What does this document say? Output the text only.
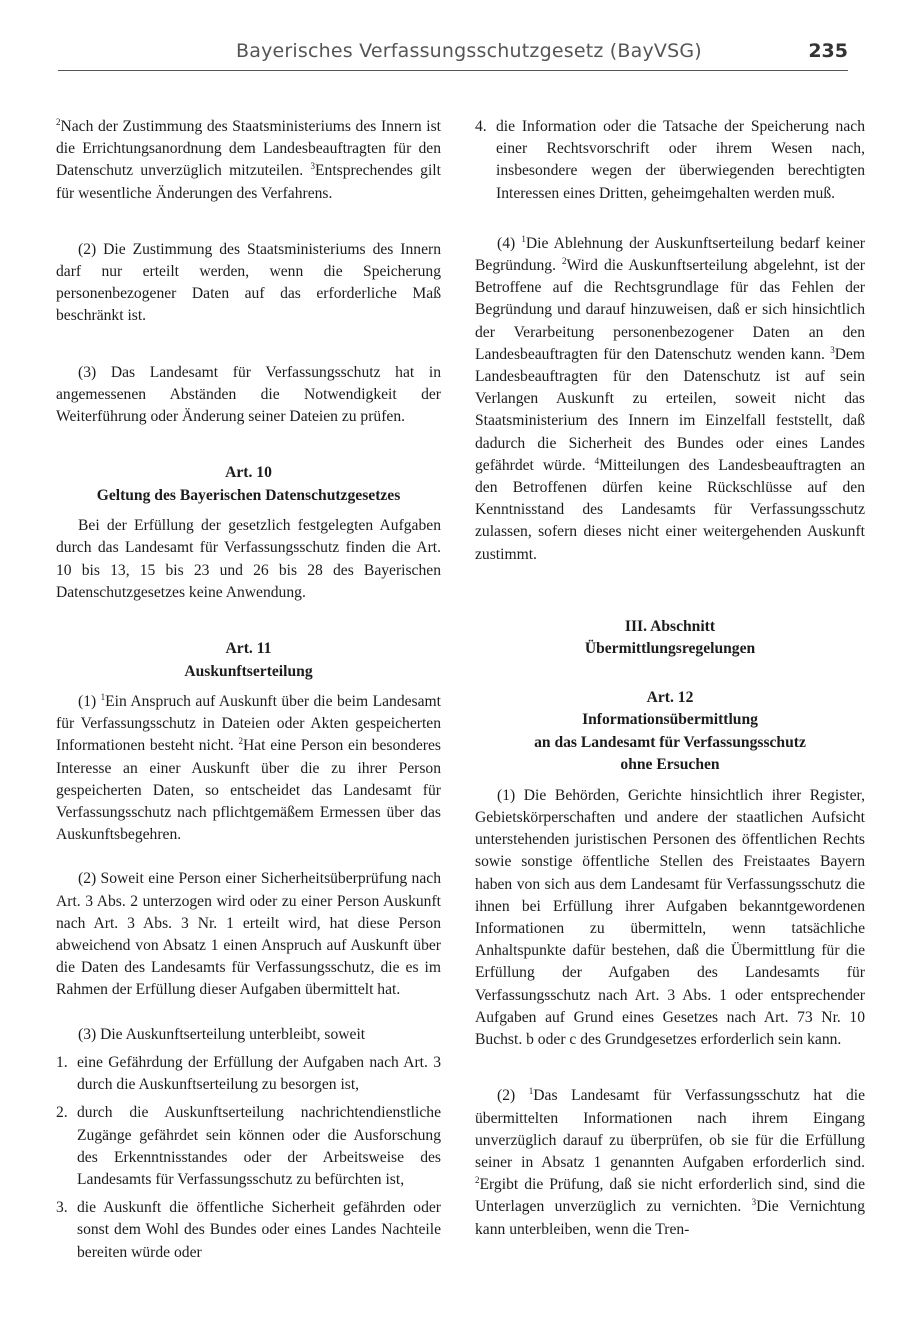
Bayerisches Verfassungsschutzgesetz (BayVSG)	235

$^2$Nach der Zustimmung des Staatsministeriums des Innern ist die Errichtungsanordnung dem Landesbeauftragten für den Datenschutz unverzüglich mitzuteilen. $^3$Entsprechendes gilt für wesentliche Änderungen des Verfahrens.

(2) Die Zustimmung des Staatsministeriums des Innern darf nur erteilt werden, wenn die Speicherung personenbezogener Daten auf das erforderliche Maß beschränkt ist.

(3) Das Landesamt für Verfassungsschutz hat in angemessenen Abständen die Notwendigkeit der Weiterführung oder Änderung seiner Dateien zu prüfen.

Art. 10

Geltung des Bayerischen Datenschutzgesetzes

Bei der Erfüllung der gesetzlich festgelegten Aufgaben durch das Landesamt für Verfassungsschutz finden die Art. 10 bis 13, 15 bis 23 und 26 bis 28 des Bayerischen Datenschutzgesetzes keine Anwendung.

Art. 11

Auskunftserteilung

(1) $^1$Ein Anspruch auf Auskunft über die beim Landesamt für Verfassungsschutz in Dateien oder Akten gespeicherten Informationen besteht nicht. $^2$Hat eine Person ein besonderes Interesse an einer Auskunft über die zu ihrer Person gespeicherten Daten, so entscheidet das Landesamt für Verfassungsschutz nach pflichtgemäßem Ermessen über das Auskunftsbegehren.

(2) Soweit eine Person einer Sicherheitsüberprüfung nach Art. 3 Abs. 2 unterzogen wird oder zu einer Person Auskunft nach Art. 3 Abs. 3 Nr. 1 erteilt wird, hat diese Person abweichend von Absatz 1 einen Anspruch auf Auskunft über die Daten des Landesamts für Verfassungsschutz, die es im Rahmen der Erfüllung dieser Aufgaben übermittelt hat.

(3) Die Auskunftserteilung unterbleibt, soweit

1. eine Gefährdung der Erfüllung der Aufgaben nach Art. 3 durch die Auskunftserteilung zu besorgen ist,
2. durch die Auskunftserteilung nachrichtendienstliche Zugänge gefährdet sein können oder die Ausforschung des Erkenntnisstandes oder der Arbeitsweise des Landesamts für Verfassungsschutz zu befürchten ist,
3. die Auskunft die öffentliche Sicherheit gefährden oder sonst dem Wohl des Bundes oder eines Landes Nachteile bereiten würde oder
4. die Information oder die Tatsache der Speicherung nach einer Rechtsvorschrift oder ihrem Wesen nach, insbesondere wegen der überwiegenden berechtigten Interessen eines Dritten, geheimgehalten werden muß.

(4) $^1$Die Ablehnung der Auskunftserteilung bedarf keiner Begründung. $^2$Wird die Auskunftserteilung abgelehnt, ist der Betroffene auf die Rechtsgrundlage für das Fehlen der Begründung und darauf hinzuweisen, daß er sich hinsichtlich der Verarbeitung personenbezogener Daten an den Landesbeauftragten für den Datenschutz wenden kann. $^3$Dem Landesbeauftragten für den Datenschutz ist auf sein Verlangen Auskunft zu erteilen, soweit nicht das Staatsministerium des Innern im Einzelfall feststellt, daß dadurch die Sicherheit des Bundes oder eines Landes gefährdet würde. $^4$Mitteilungen des Landesbeauftragten an den Betroffenen dürfen keine Rückschlüsse auf den Kenntnisstand des Landesamts für Verfassungsschutz zulassen, sofern dieses nicht einer weitergehenden Auskunft zustimmt.

III. Abschnitt

Übermittlungsregelungen

Art. 12

Informationsübermittlung

an das Landesamt für Verfassungsschutz

ohne Ersuchen

(1) Die Behörden, Gerichte hinsichtlich ihrer Register, Gebietskörperschaften und andere der staatlichen Aufsicht unterstehenden juristischen Personen des öffentlichen Rechts sowie sonstige öffentliche Stellen des Freistaates Bayern haben von sich aus dem Landesamt für Verfassungsschutz die ihnen bei Erfüllung ihrer Aufgaben bekanntgewordenen Informationen zu übermitteln, wenn tatsächliche Anhaltspunkte dafür bestehen, daß die Übermittlung für die Erfüllung der Aufgaben des Landesamts für Verfassungsschutz nach Art. 3 Abs. 1 oder entsprechender Aufgaben auf Grund eines Gesetzes nach Art. 73 Nr. 10 Buchst. b oder c des Grundgesetzes erforderlich sein kann.

(2) $^1$Das Landesamt für Verfassungsschutz hat die übermittelten Informationen nach ihrem Eingang unverzüglich darauf zu überprüfen, ob sie für die Erfüllung seiner in Absatz 1 genannten Aufgaben erforderlich sind. $^2$Ergibt die Prüfung, daß sie nicht erforderlich sind, sind die Unterlagen unverzüglich zu vernichten. $^3$Die Vernichtung kann unterbleiben, wenn die Tren-
